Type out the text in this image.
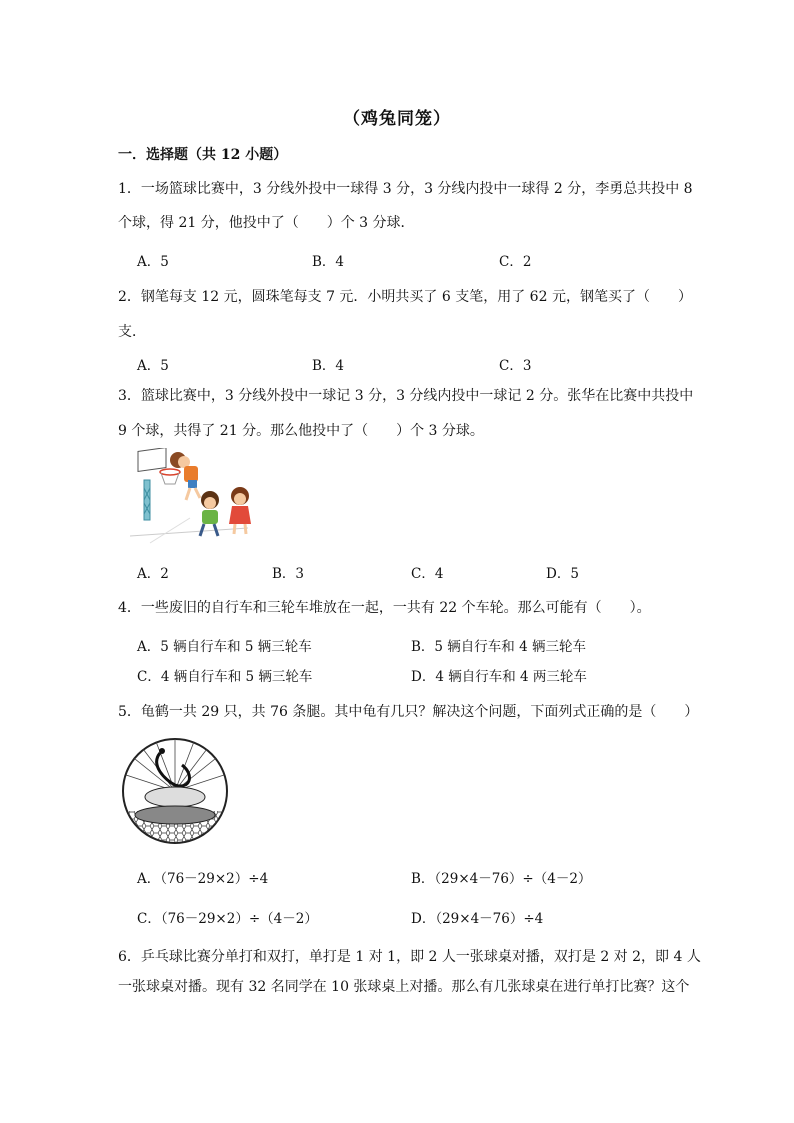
（鸡兔同笼）
一．选择题（共 12 小题）
1．一场篮球比赛中，3 分线外投中一球得 3 分，3 分线内投中一球得 2 分，李勇总共投中 8
个球，得 21 分，他投中了（　　）个 3 分球．
A．5	B．4	C．2
2．钢笔每支 12 元，圆珠笔每支 7 元．小明共买了 6 支笔，用了 62 元，钢笔买了（　　）
支．
A．5	B．4	C．3
3．篮球比赛中，3 分线外投中一球记 3 分，3 分线内投中一球记 2 分。张华在比赛中共投中
9 个球，共得了 21 分。那么他投中了（　　）个 3 分球。
A．2	B．3	C．4	D．5
4．一些废旧的自行车和三轮车堆放在一起，一共有 22 个车轮。那么可能有（　　）。
A．5 辆自行车和 5 辆三轮车	B．5 辆自行车和 4 辆三轮车
C．4 辆自行车和 5 辆三轮车	D．4 辆自行车和 4 两三轮车
5．龟鹤一共 29 只，共 76 条腿。其中龟有几只？解决这个问题，下面列式正确的是（　　）
A．（76－29×2）÷4	B．（29×4－76）÷（4－2）
C．（76－29×2）÷（4－2）	D．（29×4－76）÷4
6．乒乓球比赛分单打和双打，单打是 1 对 1，即 2 人一张球桌对播，双打是 2 对 2，即 4 人
一张球桌对播。现有 32 名同学在 10 张球桌上对播。那么有几张球桌在进行单打比赛？这个
